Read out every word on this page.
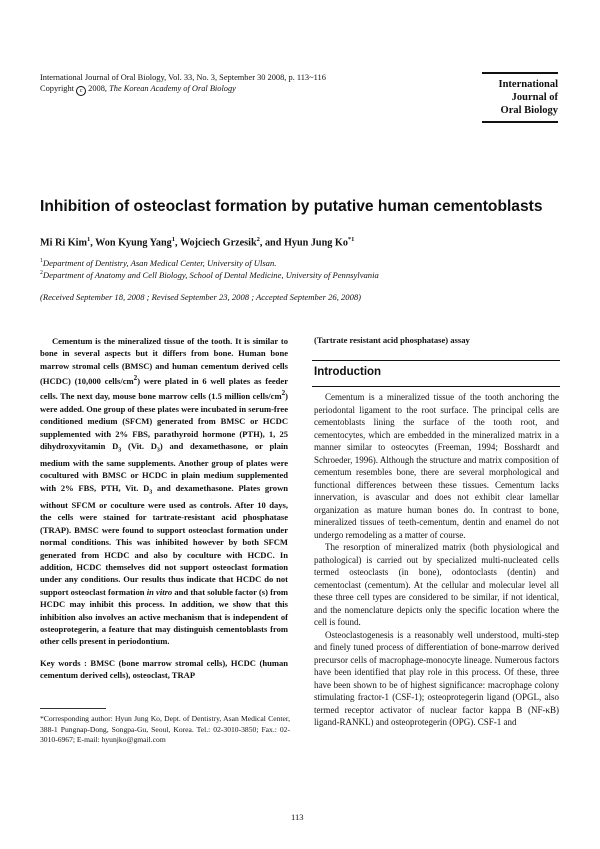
International Journal of Oral Biology, Vol. 33, No. 3, September 30 2008, p. 113~116
Copyright c 2008, The Korean Academy of Oral Biology	International
Journal of
Oral Biology
Inhibition of osteoclast formation by putative human cementoblasts
Mi Ri Kim$^1$, Won Kyung Yang$^1$, Wojciech Grzesik$^2$, and Hyun Jung Ko$^{*1}$
$^1$Department of Dentistry, Asan Medical Center, University of Ulsan.
$^2$Department of Anatomy and Cell Biology, School of Dental Medicine, University of Pennsylvania
(Received September 18, 2008 ; Revised September 23, 2008 ; Accepted September 26, 2008)
Cementum is the mineralized tissue of the tooth. It is similar to bone in several aspects but it differs from bone. Human bone marrow stromal cells (BMSC) and human cementum derived cells (HCDC) (10,000 cells/$cm^2$) were plated in 6 well plates as feeder cells. The next day, mouse bone marrow cells (1.5 million cells/$cm^2$) were added. One group of these plates were incubated in serum-free conditioned medium (SFCM) generated from BMSC or HCDC supplemented with 2% FBS, parathyroid hormone (PTH), 1, 25 dihydroxyvitamin $D_3$ (Vit. $D_3$) and dexamethasone, or plain medium with the same supplements. Another group of plates were cocultured with BMSC or HCDC in plain medium supplemented with 2% FBS, PTH, Vit. $D_3$ and dexamethasone. Plates grown without SFCM or coculture were used as controls. After 10 days, the cells were stained for tartrate-resistant acid phosphatase (TRAP). BMSC were found to support osteoclast formation under normal conditions. This was inhibited however by both SFCM generated from HCDC and also by coculture with HCDC. In addition, HCDC themselves did not support osteoclast formation under any conditions. Our results thus indicate that HCDC do not support osteoclast formation in vitro and that soluble factor (s) from HCDC may inhibit this process. In addition, we show that this inhibition also involves an active mechanism that is independent of osteoprotegerin, a feature that may distinguish cementoblasts from other cells present in periodontium.
Key words : BMSC (bone marrow stromal cells), HCDC (human cementum derived cells), osteoclast, TRAP
*Corresponding author: Hyun Jung Ko, Dept. of Dentistry, Asan Medical Center, 388-1 Pungnap-Dong, Songpa-Gu, Seoul, Korea. Tel.: 02-3010-3850; Fax.: 02-3010-6967; E-mail: hyunjko@gmail.com
(Tartrate resistant acid phosphatase) assay
Introduction

Cementum is a mineralized tissue of the tooth anchoring the periodontal ligament to the root surface. The principal cells are cementoblasts lining the surface of the tooth root, and cementocytes, which are embedded in the mineralized matrix in a manner similar to osteocytes (Freeman, 1994; Bosshardt and Schroeder, 1996). Although the structure and matrix composition of cementum resembles bone, there are several morphological and functional differences between these tissues. Cementum lacks innervation, is avascular and does not exhibit clear lamellar organization as mature human bones do. In contrast to bone, mineralized tissues of teeth-cementum, dentin and enamel do not undergo remodeling as a matter of course.

The resorption of mineralized matrix (both physiological and pathological) is carried out by specialized multi-nucleated cells termed osteoclasts (in bone), odontoclasts (dentin) and cementoclast (cementum). At the cellular and molecular level all these three cell types are considered to be similar, if not identical, and the nomenclature depicts only the specific location where the cell is found.

Osteoclastogenesis is a reasonably well understood, multi-step and finely tuned process of differentiation of bone-marrow derived precursor cells of macrophage-monocyte lineage. Numerous factors have been identified that play role in this process. Of these, three have been shown to be of highest significance: macrophage colony stimulating fractor-1 (CSF-1); osteoprotegerin ligand (OPGL, also termed receptor activator of nuclear factor kappa B (NF-κB) ligand-RANKL) and osteoprotegerin (OPG). CSF-1 and

113
